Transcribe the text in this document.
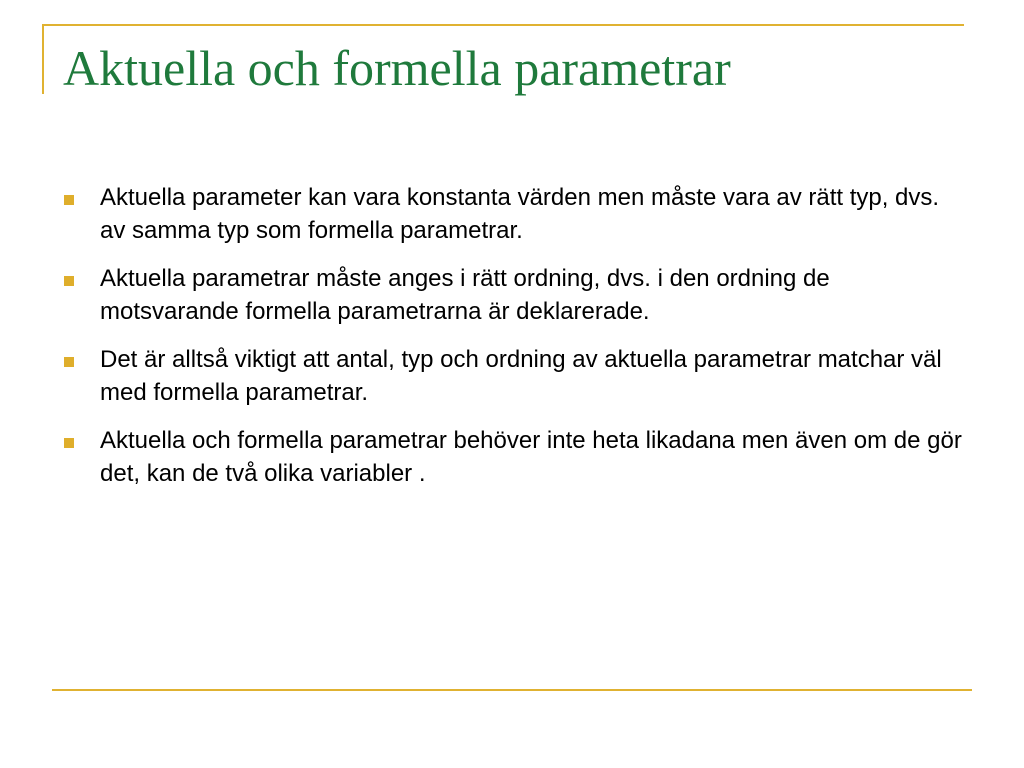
Aktuella och formella parametrar
Aktuella parameter kan vara konstanta värden men måste vara av rätt typ, dvs. av samma typ som formella parametrar.
Aktuella parametrar måste anges i rätt ordning, dvs. i den ordning de motsvarande formella parametrarna är deklarerade.
Det är alltså viktigt att antal, typ och ordning av aktuella parametrar matchar väl med formella parametrar.
Aktuella och formella parametrar behöver inte heta likadana men även om de gör det, kan de två olika variabler .
